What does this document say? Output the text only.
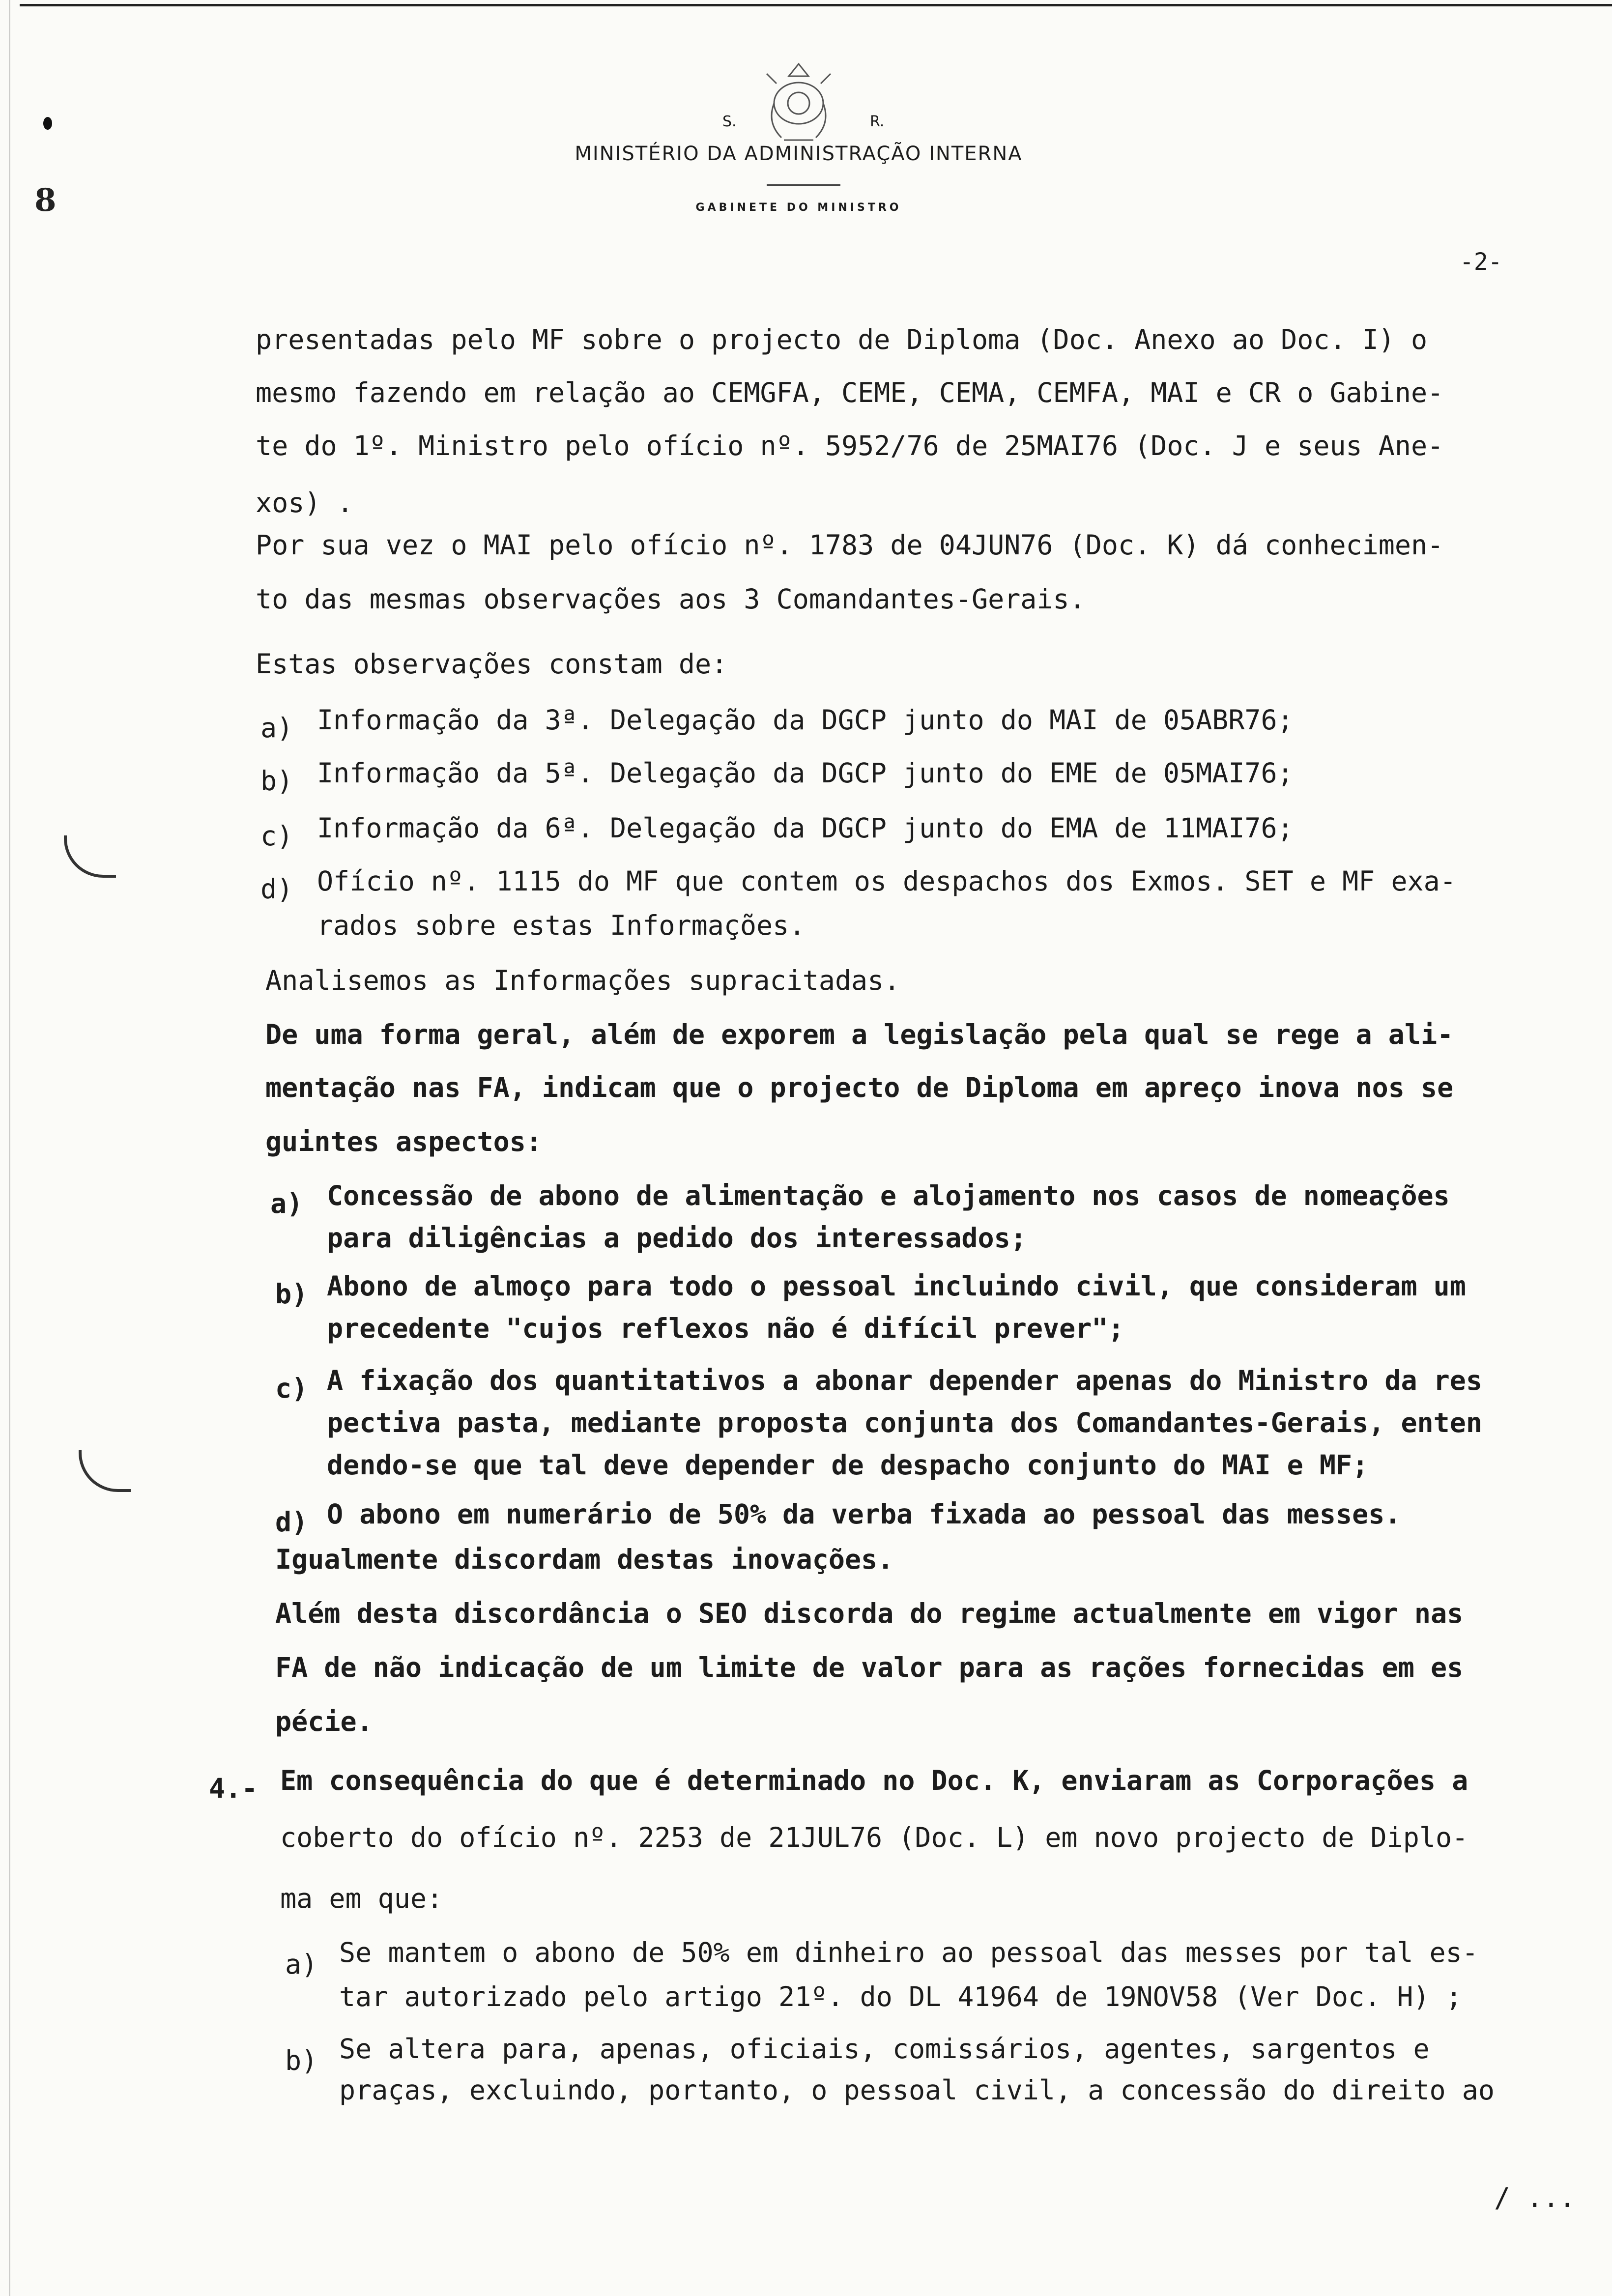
8
S.	R.
MINISTÉRIO DA ADMINISTRAÇÃO INTERNA
GABINETE DO MINISTRO
-2-
presentadas pelo MF sobre o projecto de Diploma (Doc. Anexo ao Doc. I) o
mesmo fazendo em relação ao CEMGFA, CEME, CEMA, CEMFA, MAI e CR o Gabine-
te do 1º. Ministro pelo ofício nº. 5952/76 de 25MAI76 (Doc. J e seus Ane-
xos) .
Por sua vez o MAI pelo ofício nº. 1783 de 04JUN76 (Doc. K) dá conhecimen-
to das mesmas observações aos 3 Comandantes-Gerais.
Estas observações constam de:
a) Informação da 3ª. Delegação da DGCP junto do MAI de 05ABR76;
b) Informação da 5ª. Delegação da DGCP junto do EME de 05MAI76;
c) Informação da 6ª. Delegação da DGCP junto do EMA de 11MAI76;
d) Ofício nº. 1115 do MF que contem os despachos dos Exmos. SET e MF exa-
rados sobre estas Informações.
Analisemos as Informações supracitadas.
De uma forma geral, além de exporem a legislação pela qual se rege a ali-
mentação nas FA, indicam que o projecto de Diploma em apreço inova nos se
guintes aspectos:
a) Concessão de abono de alimentação e alojamento nos casos de nomeações
para diligências a pedido dos interessados;
b) Abono de almoço para todo o pessoal incluindo civil, que consideram um
precedente "cujos reflexos não é difícil prever";
c) A fixação dos quantitativos a abonar depender apenas do Ministro da res
pectiva pasta, mediante proposta conjunta dos Comandantes-Gerais, enten
dendo-se que tal deve depender de despacho conjunto do MAI e MF;
d) O abono em numerário de 50% da verba fixada ao pessoal das messes.
Igualmente discordam destas inovações.
Além desta discordância o SEO discorda do regime actualmente em vigor nas
FA de não indicação de um limite de valor para as rações fornecidas em es
pécie.
4.- Em consequência do que é determinado no Doc. K, enviaram as Corporações a
coberto do ofício nº. 2253 de 21JUL76 (Doc. L) em novo projecto de Diplo-
ma em que:
a) Se mantem o abono de 50% em dinheiro ao pessoal das messes por tal es-
tar autorizado pelo artigo 21º. do DL 41964 de 19NOV58 (Ver Doc. H) ;
b) Se altera para, apenas, oficiais, comissários, agentes, sargentos e
praças, excluindo, portanto, o pessoal civil, a concessão do direito ao
/ ...
